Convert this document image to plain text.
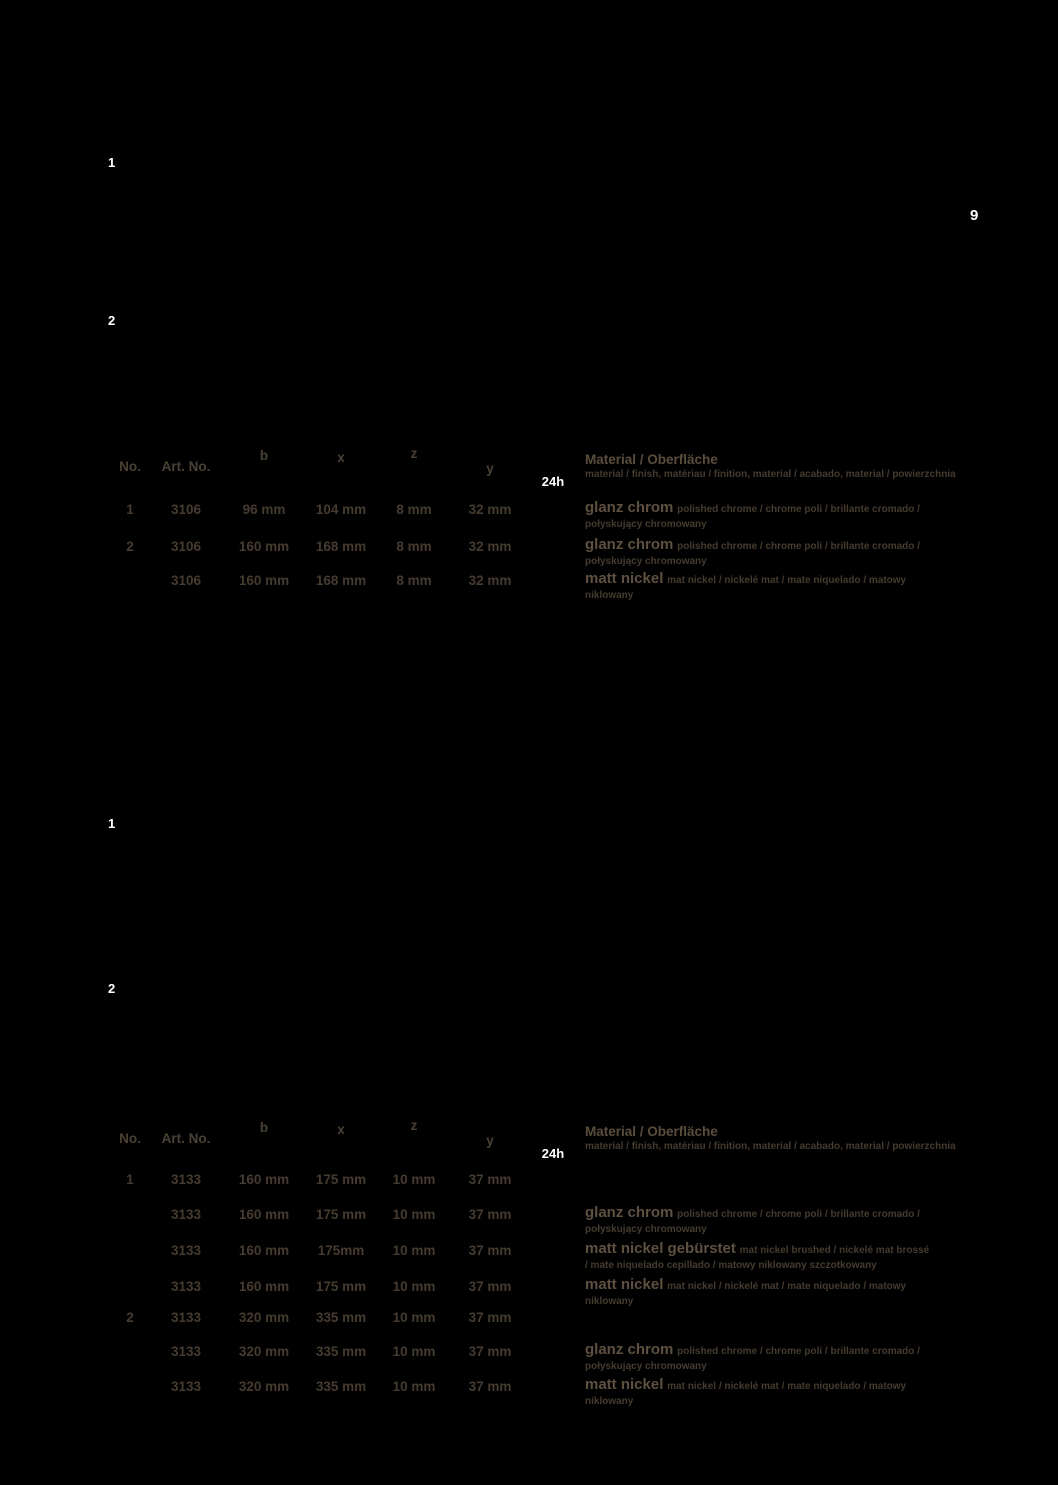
9
1
2
No.	Art. No.
b	x	z
y
24h
Material / Oberfläche
material / finish, matériau / finition, material / acabado, material / powierzchnia
1	3106	96 mm	104 mm	8 mm	32 mm	glanz chrom polished chrome / chrome poli / brillante cromado / połyskujący chromowany
2	3106	160 mm	168 mm	8 mm	32 mm	glanz chrom polished chrome / chrome poli / brillante cromado / połyskujący chromowany
3106	160 mm	168 mm	8 mm	32 mm	matt nickel mat nickel / nickelé mat / mate niquelado / matowy niklowany
1
2
No.	Art. No.
b	x	z
y
24h
Material / Oberfläche
material / finish, matériau / finition, material / acabado, material / powierzchnia
1	3133	160 mm	175 mm	10 mm	37 mm
3133	160 mm	175 mm	10 mm	37 mm	glanz chrom polished chrome / chrome poli / brillante cromado / połyskujący chromowany
3133	160 mm	175mm	10 mm	37 mm	matt nickel gebürstet mat nickel brushed / nickelé mat brossé / mate niquelado cepillado / matowy niklowany szczotkowany
3133	160 mm	175 mm	10 mm	37 mm	matt nickel mat nickel / nickelé mat / mate niquelado / matowy niklowany
2	3133	320 mm	335 mm	10 mm	37 mm
3133	320 mm	335 mm	10 mm	37 mm	glanz chrom polished chrome / chrome poli / brillante cromado / połyskujący chromowany
3133	320 mm	335 mm	10 mm	37 mm	matt nickel mat nickel / nickelé mat / mate niquelado / matowy niklowany
